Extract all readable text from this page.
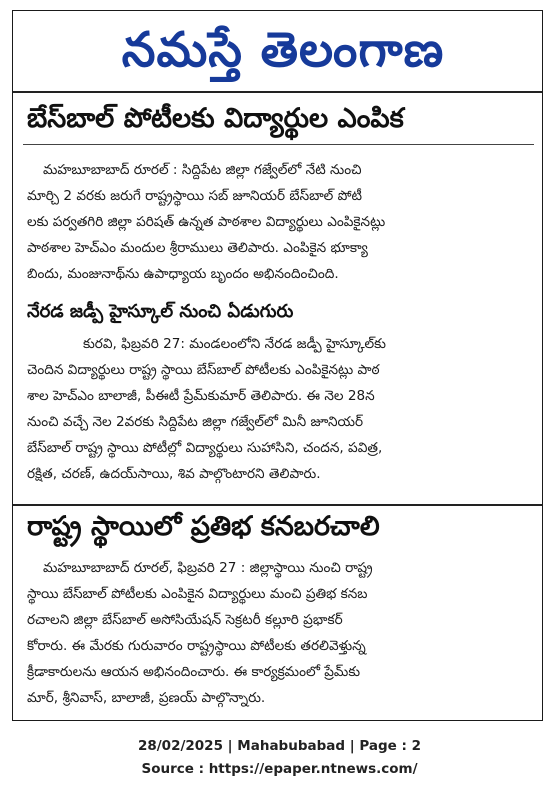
నమస్తే తెలంగాణ
బేస్‌బాల్ పోటీలకు విద్యార్థుల ఎంపిక
మహబూబాబాద్ రూరల్ : సిద్దిపేట జిల్లా గజ్వేల్‌లో నేటి నుంచి
మార్చి 2 వరకు జరుగే రాష్ట్రస్థాయి సబ్ జూనియర్ బేస్‌బాల్ పోటీ
లకు పర్వతగిరి జిల్లా పరిషత్ ఉన్నత పాఠశాల విద్యార్థులు ఎంపికైనట్లు
పాఠశాల హెచ్ఎం మందుల శ్రీరాములు తెలిపారు. ఎంపికైన భూక్యా
బిందు, మంజునాథ్‌ను ఉపాధ్యాయ బృందం అభినందించింది.
నేరడ జడ్పీ హైస్కూల్ నుంచి ఏడుగురు
కురవి, ఫిబ్రవరి 27: మండలంలోని నేరడ జడ్పీ హైస్కూల్‌కు
చెందిన విద్యార్థులు రాష్ట్ర స్థాయి బేస్‌బాల్ పోటీలకు ఎంపికైనట్లు పాఠ
శాల హెచ్ఎం బాలాజీ, పీఈటీ ప్రేమ్‌కుమార్ తెలిపారు. ఈ నెల 28న
నుంచి వచ్చే నెల 2వరకు సిద్దిపేట జిల్లా గజ్వేల్‌లో మినీ జూనియర్
బేస్‌బాల్ రాష్ట్ర స్థాయి పోటీల్లో విద్యార్థులు సుహాసిని, చందన, పవిత్ర,
రక్షిత, చరణ్, ఉదయ్‌సాయి, శివ పాల్గొంటారని తెలిపారు.
రాష్ట్ర స్థాయిలో ప్రతిభ కనబరచాలి
మహబూబాబాద్ రూరల్, ఫిబ్రవరి 27 : జిల్లాస్థాయి నుంచి రాష్ట్ర
స్థాయి బేస్‌బాల్ పోటీలకు ఎంపికైన విద్యార్థులు మంచి ప్రతిభ కనబ
రచాలని జిల్లా బేస్‌బాల్ అసోసియేషన్ సెక్రటరీ కల్లూరి ప్రభాకర్
కోరారు. ఈ మేరకు గురువారం రాష్ట్రస్థాయి పోటీలకు తరలివెళ్తున్న
క్రీడాకారులను ఆయన అభినందించారు. ఈ కార్యక్రమంలో ప్రేమ్‌కు
మార్, శ్రీనివాస్, బాలాజీ, ప్రణయ్ పాల్గొన్నారు.
28/02/2025 | Mahabubabad | Page : 2
Source : https://epaper.ntnews.com/
